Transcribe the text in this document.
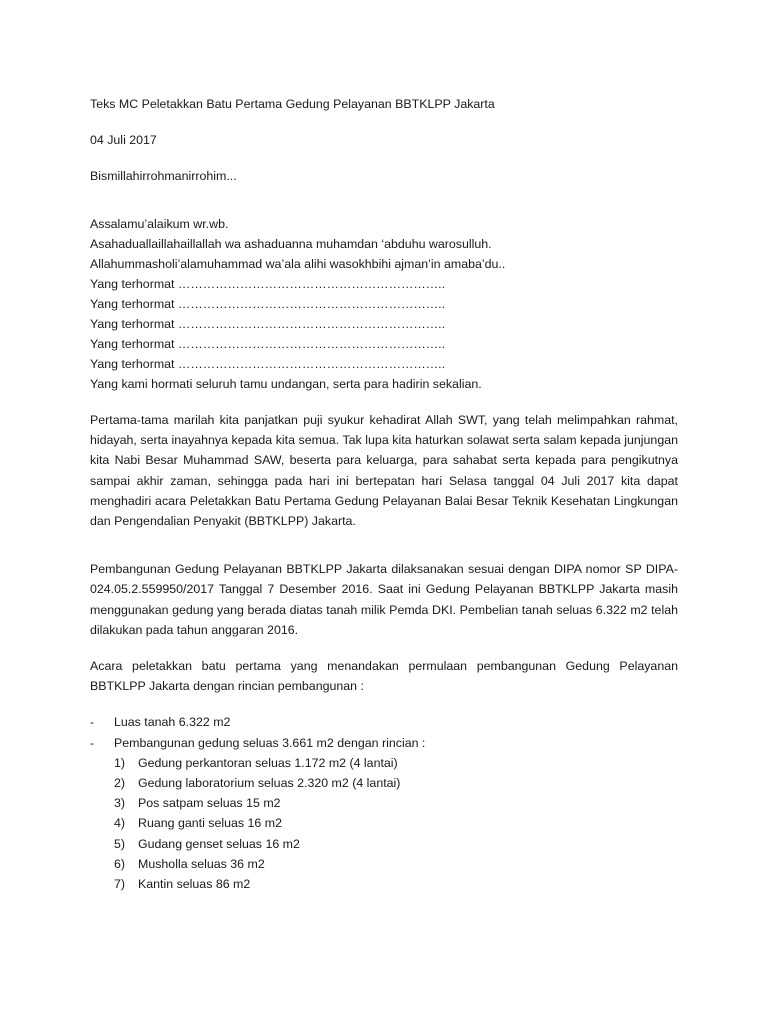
Teks MC Peletakkan Batu Pertama Gedung Pelayanan BBTKLPP Jakarta

04 Juli 2017

Bismillahirrohmanirrohim...

Assalamu’alaikum wr.wb.

Asahaduallaillahaillallah wa ashaduanna muhamdan ‘abduhu warosulluh.

Allahummasholi’alamuhammad wa’ala alihi wasokhbihi ajman’in amaba’du..

Yang terhormat ………………………………………………………..

Yang terhormat ………………………………………………………..

Yang terhormat ………………………………………………………..

Yang terhormat ………………………………………………………..

Yang terhormat ………………………………………………………..

Yang kami hormati seluruh tamu undangan, serta para hadirin sekalian.

Pertama-tama marilah kita panjatkan puji syukur kehadirat Allah SWT, yang telah melimpahkan rahmat, hidayah, serta inayahnya kepada kita semua. Tak lupa kita haturkan solawat serta salam kepada junjungan kita Nabi Besar Muhammad SAW, beserta para keluarga, para sahabat serta kepada para pengikutnya sampai akhir zaman, sehingga pada hari ini bertepatan hari Selasa tanggal 04 Juli 2017 kita dapat menghadiri acara Peletakkan Batu Pertama Gedung Pelayanan Balai Besar Teknik Kesehatan Lingkungan dan Pengendalian Penyakit (BBTKLPP) Jakarta.

Pembangunan Gedung Pelayanan BBTKLPP Jakarta dilaksanakan sesuai dengan DIPA nomor SP DIPA-024.05.2.559950/2017 Tanggal 7 Desember 2016. Saat ini Gedung Pelayanan BBTKLPP Jakarta masih menggunakan gedung yang berada diatas tanah milik Pemda DKI. Pembelian tanah seluas 6.322 m2 telah dilakukan pada tahun anggaran 2016.

Acara peletakkan batu pertama yang menandakan permulaan pembangunan Gedung Pelayanan BBTKLPP Jakarta dengan rincian pembangunan :

- Luas tanah 6.322 m2
- Pembangunan gedung seluas 3.661 m2 dengan rincian :
1)	Gedung perkantoran seluas 1.172 m2 (4 lantai)
2)	Gedung laboratorium seluas 2.320 m2 (4 lantai)
3)	Pos satpam seluas 15 m2
4)	Ruang ganti seluas 16 m2
5)	Gudang genset seluas 16 m2
6)	Musholla seluas 36 m2
7)	Kantin seluas 86 m2
